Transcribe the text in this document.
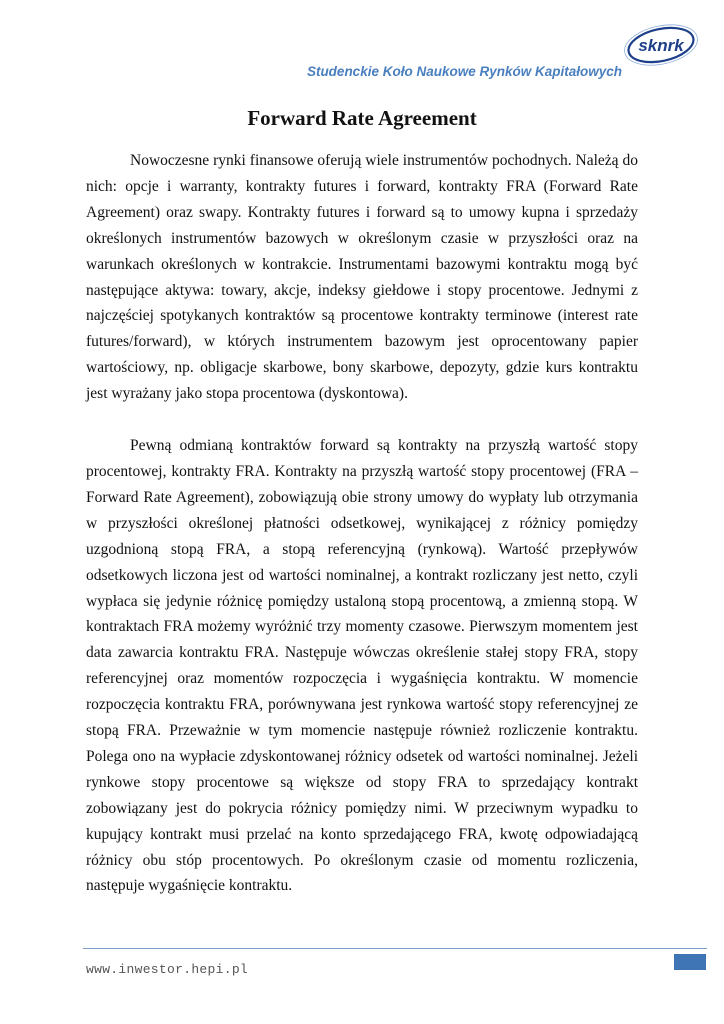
Studenckie Koło Naukowe Rynków Kapitałowych
sknrk
Forward Rate Agreement

Nowoczesne rynki finansowe oferują wiele instrumentów pochodnych. Należą do nich: opcje i warranty, kontrakty futures i forward, kontrakty FRA (Forward Rate Agreement) oraz swapy. Kontrakty futures i forward są to umowy kupna i sprzedaży określonych instrumentów bazowych w określonym czasie w przyszłości oraz na warunkach określonych w kontrakcie. Instrumentami bazowymi kontraktu mogą być następujące aktywa: towary, akcje, indeksy giełdowe i stopy procentowe. Jednymi z najczęściej spotykanych kontraktów są procentowe kontrakty terminowe (interest rate futures/forward), w których instrumentem bazowym jest oprocentowany papier wartościowy, np. obligacje skarbowe, bony skarbowe, depozyty, gdzie kurs kontraktu jest wyrażany jako stopa procentowa (dyskontowa).

Pewną odmianą kontraktów forward są kontrakty na przyszłą wartość stopy procentowej, kontrakty FRA. Kontrakty na przyszłą wartość stopy procentowej (FRA – Forward Rate Agreement), zobowiązują obie strony umowy do wypłaty lub otrzymania w przyszłości określonej płatności odsetkowej, wynikającej z różnicy pomiędzy uzgodnioną stopą FRA, a stopą referencyjną (rynkową). Wartość przepływów odsetkowych liczona jest od wartości nominalnej, a kontrakt rozliczany jest netto, czyli wypłaca się jedynie różnicę pomiędzy ustaloną stopą procentową, a zmienną stopą. W kontraktach FRA możemy wyróżnić trzy momenty czasowe. Pierwszym momentem jest data zawarcia kontraktu FRA. Następuje wówczas określenie stałej stopy FRA, stopy referencyjnej oraz momentów rozpoczęcia i wygaśnięcia kontraktu. W momencie rozpoczęcia kontraktu FRA, porównywana jest rynkowa wartość stopy referencyjnej ze stopą FRA. Przeważnie w tym momencie następuje również rozliczenie kontraktu. Polega ono na wypłacie zdyskontowanej różnicy odsetek od wartości nominalnej. Jeżeli rynkowe stopy procentowe są większe od stopy FRA to sprzedający kontrakt zobowiązany jest do pokrycia różnicy pomiędzy nimi. W przeciwnym wypadku to kupujący kontrakt musi przelać na konto sprzedającego FRA, kwotę odpowiadającą różnicy obu stóp procentowych. Po określonym czasie od momentu rozliczenia, następuje wygaśnięcie kontraktu.

www.inwestor.hepi.pl
